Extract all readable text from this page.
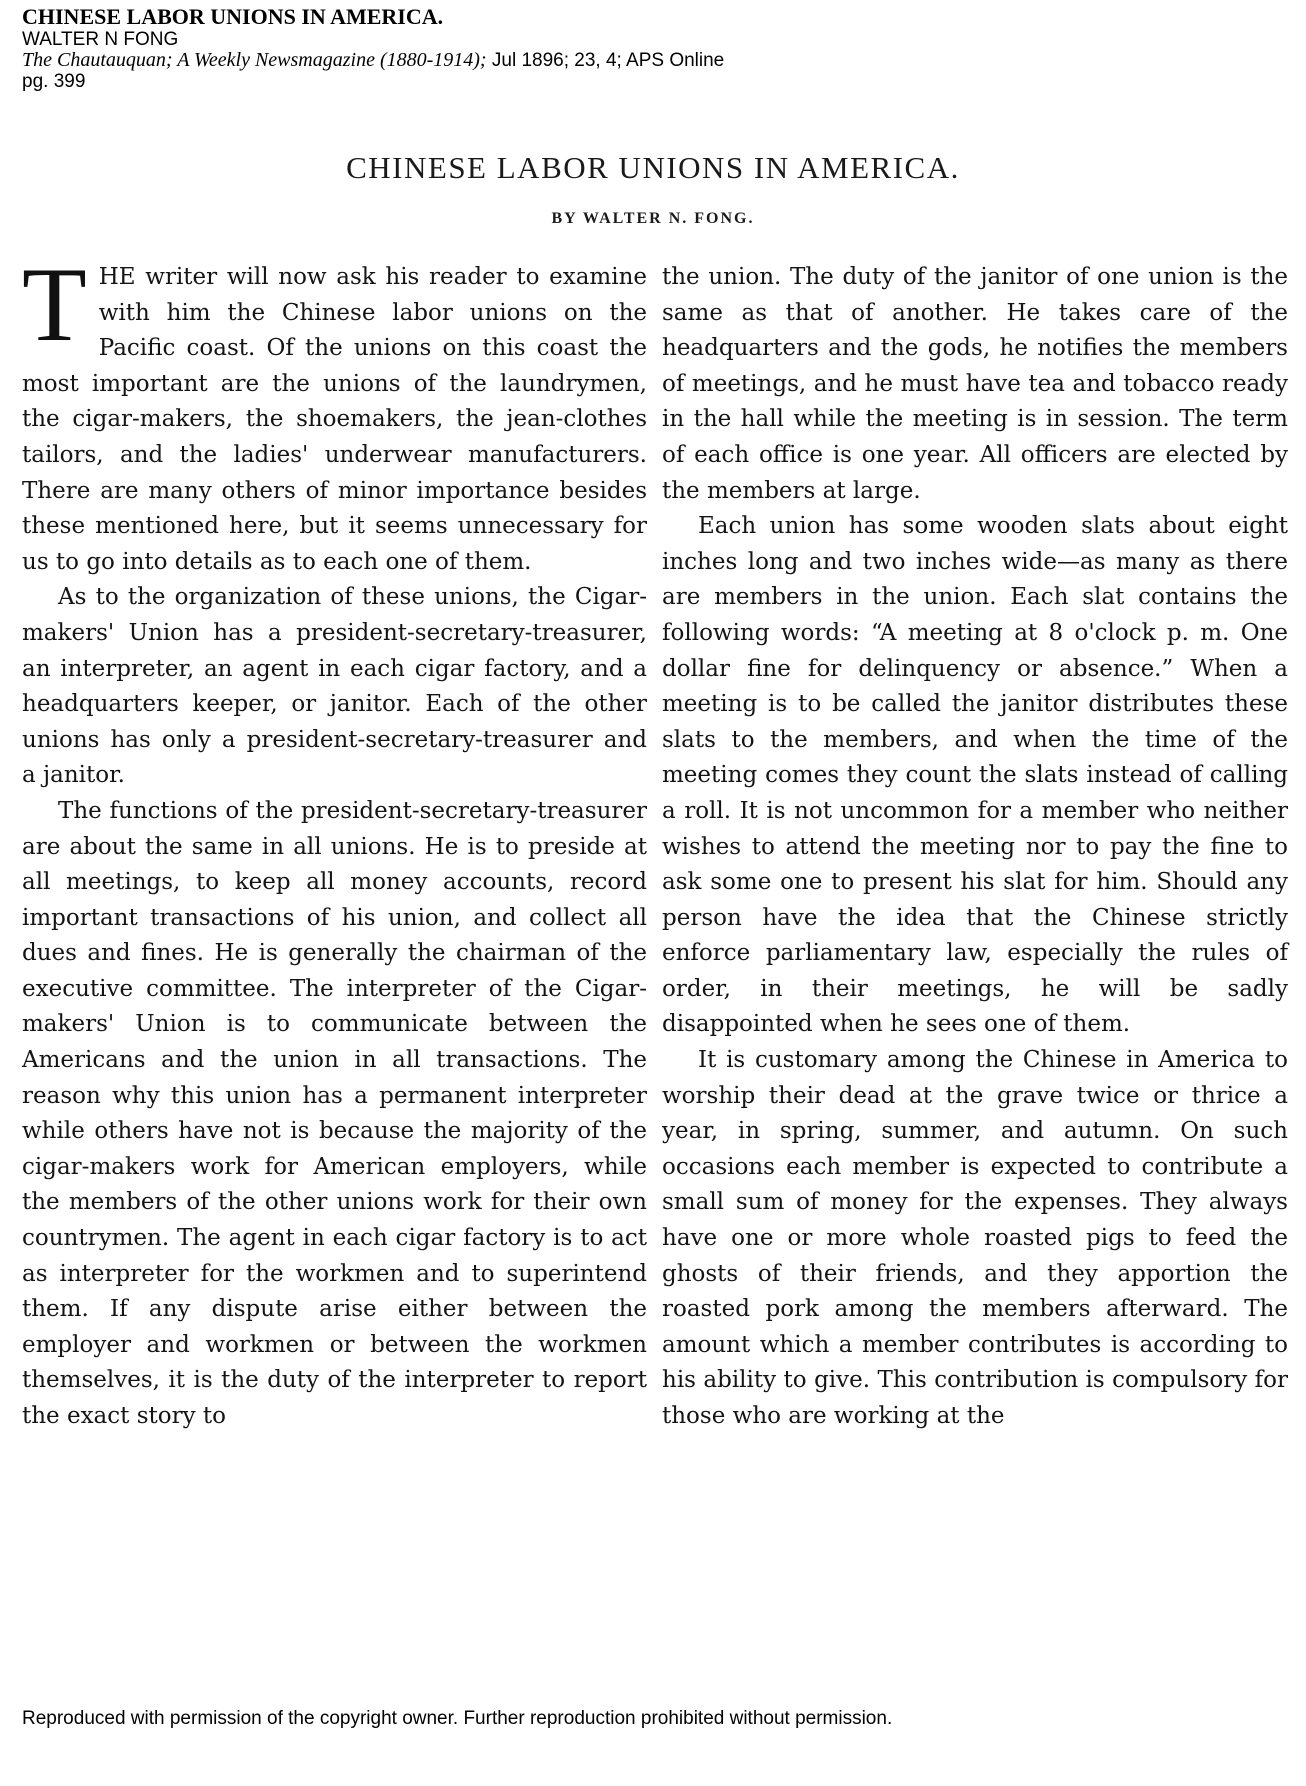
CHINESE LABOR UNIONS IN AMERICA.
WALTER N FONG
The Chautauquan; A Weekly Newsmagazine (1880-1914); Jul 1896; 23, 4; APS Online
pg. 399
CHINESE LABOR UNIONS IN AMERICA.
BY WALTER N. FONG.

THE writer will now ask his reader to examine with him the Chinese labor unions on the Pacific coast. Of the unions on this coast the most important are the unions of the laundrymen, the cigar-makers, the shoemakers, the jean-clothes tailors, and the ladies' underwear manufacturers. There are many others of minor importance besides these mentioned here, but it seems unnecessary for us to go into details as to each one of them.

As to the organization of these unions, the Cigar-makers' Union has a president-secretary-treasurer, an interpreter, an agent in each cigar factory, and a headquarters keeper, or janitor. Each of the other unions has only a president-secretary-treasurer and a janitor.

The functions of the president-secretary-treasurer are about the same in all unions. He is to preside at all meetings, to keep all money accounts, record important transactions of his union, and collect all dues and fines. He is generally the chairman of the executive committee. The interpreter of the Cigar-makers' Union is to communicate between the Americans and the union in all transactions. The reason why this union has a permanent interpreter while others have not is because the majority of the cigar-makers work for American employers, while the members of the other unions work for their own countrymen. The agent in each cigar factory is to act as interpreter for the workmen and to superintend them. If any dispute arise either between the employer and workmen or between the workmen themselves, it is the duty of the interpreter to report the exact story to

the union. The duty of the janitor of one union is the same as that of another. He takes care of the headquarters and the gods, he notifies the members of meetings, and he must have tea and tobacco ready in the hall while the meeting is in session. The term of each office is one year. All officers are elected by the members at large.

Each union has some wooden slats about eight inches long and two inches wide—as many as there are members in the union. Each slat contains the following words: “A meeting at 8 o'clock p. m. One dollar fine for delinquency or absence.” When a meeting is to be called the janitor distributes these slats to the members, and when the time of the meeting comes they count the slats instead of calling a roll. It is not uncommon for a member who neither wishes to attend the meeting nor to pay the fine to ask some one to present his slat for him. Should any person have the idea that the Chinese strictly enforce parliamentary law, especially the rules of order, in their meetings, he will be sadly disappointed when he sees one of them.

It is customary among the Chinese in America to worship their dead at the grave twice or thrice a year, in spring, summer, and autumn. On such occasions each member is expected to contribute a small sum of money for the expenses. They always have one or more whole roasted pigs to feed the ghosts of their friends, and they apportion the roasted pork among the members afterward. The amount which a member contributes is according to his ability to give. This contribution is compulsory for those who are working at the

Reproduced with permission of the copyright owner. Further reproduction prohibited without permission.
